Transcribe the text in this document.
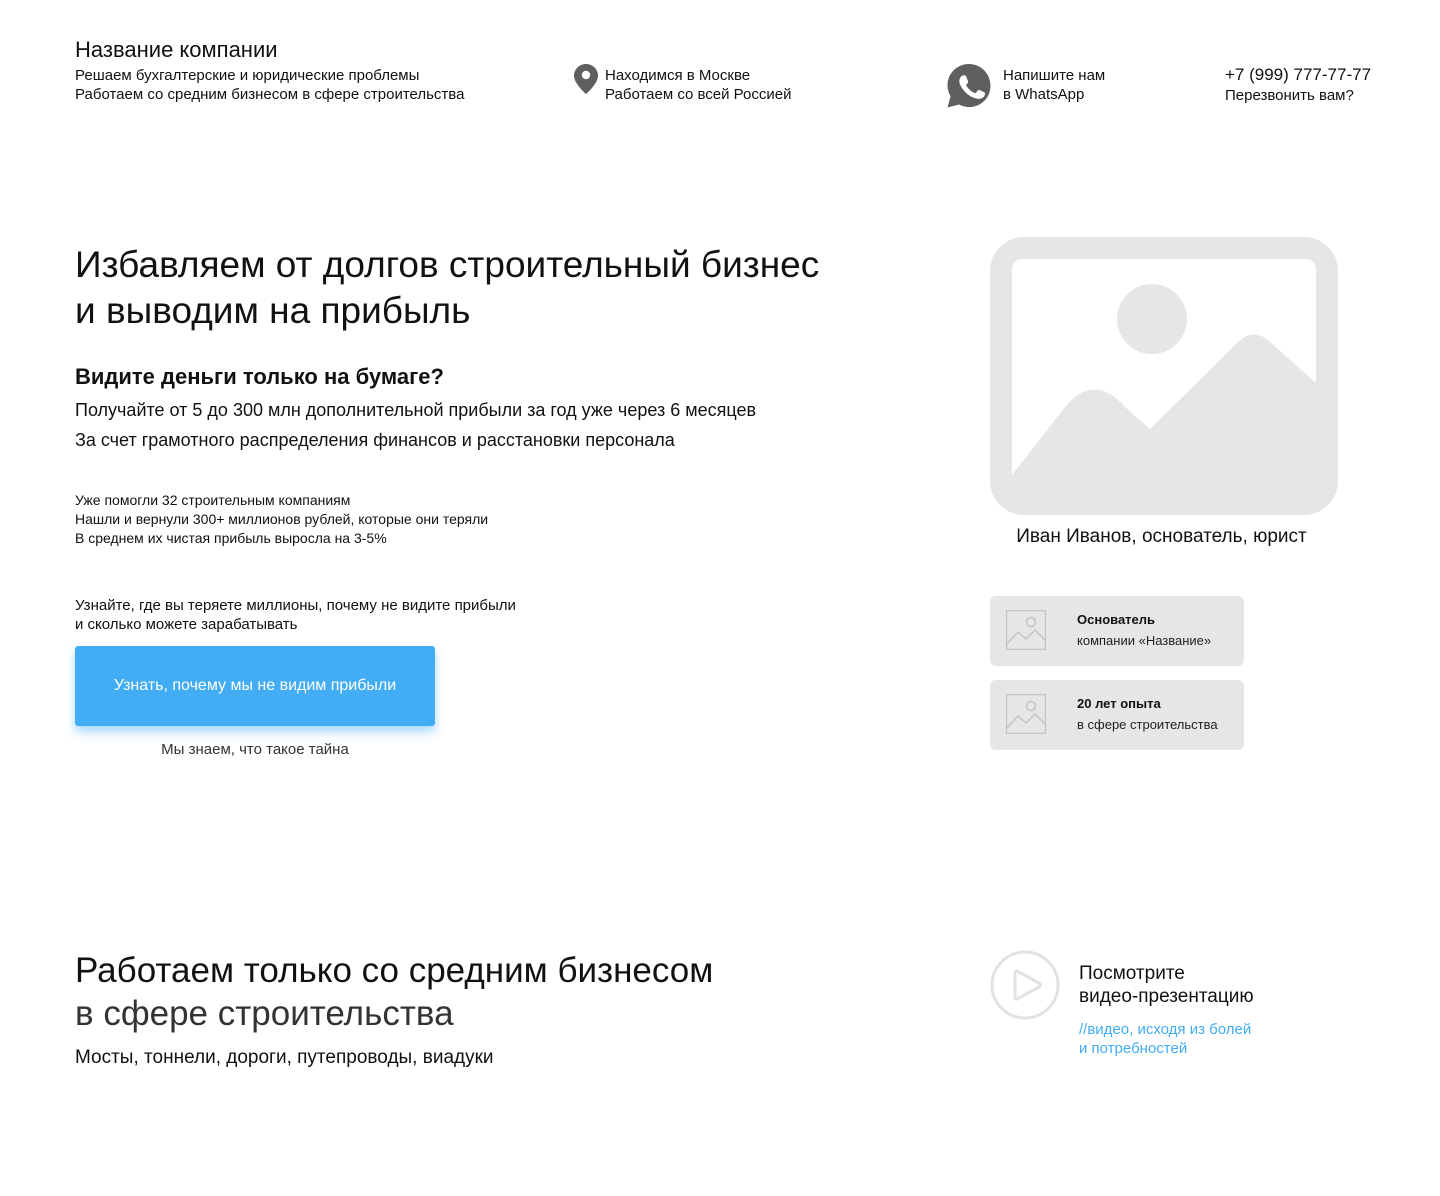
Название компании
Решаем бухгалтерские и юридические проблемы
Работаем со средним бизнесом в сфере строительства
Находимся в Москве
Работаем со всей Россией
Напишите нам
в WhatsApp
+7 (999) 777-77-77
Перезвонить вам?
Избавляем от долгов строительный бизнес
и выводим на прибыль
Видите деньги только на бумаге?
Получайте от 5 до 300 млн дополнительной прибыли за год уже через 6 месяцев
За счет грамотного распределения финансов и расстановки персонала
Уже помогли 32 строительным компаниям
Нашли и вернули 300+ миллионов рублей, которые они теряли
В среднем их чистая прибыль выросла на 3-5%
Узнайте, где вы теряете миллионы, почему не видите прибыли
и сколько можете зарабатывать
Узнать, почему мы не видим прибыли
Мы знаем, что такое тайна
Иван Иванов, основатель, юрист
Основатель
компании «Название»
20 лет опыта
в сфере строительства
Работаем только со средним бизнесом
в сфере строительства
Мосты, тоннели, дороги, путепроводы, виадуки
Посмотрите
видео-презентацию
//видео, исходя из болей
и потребностей
